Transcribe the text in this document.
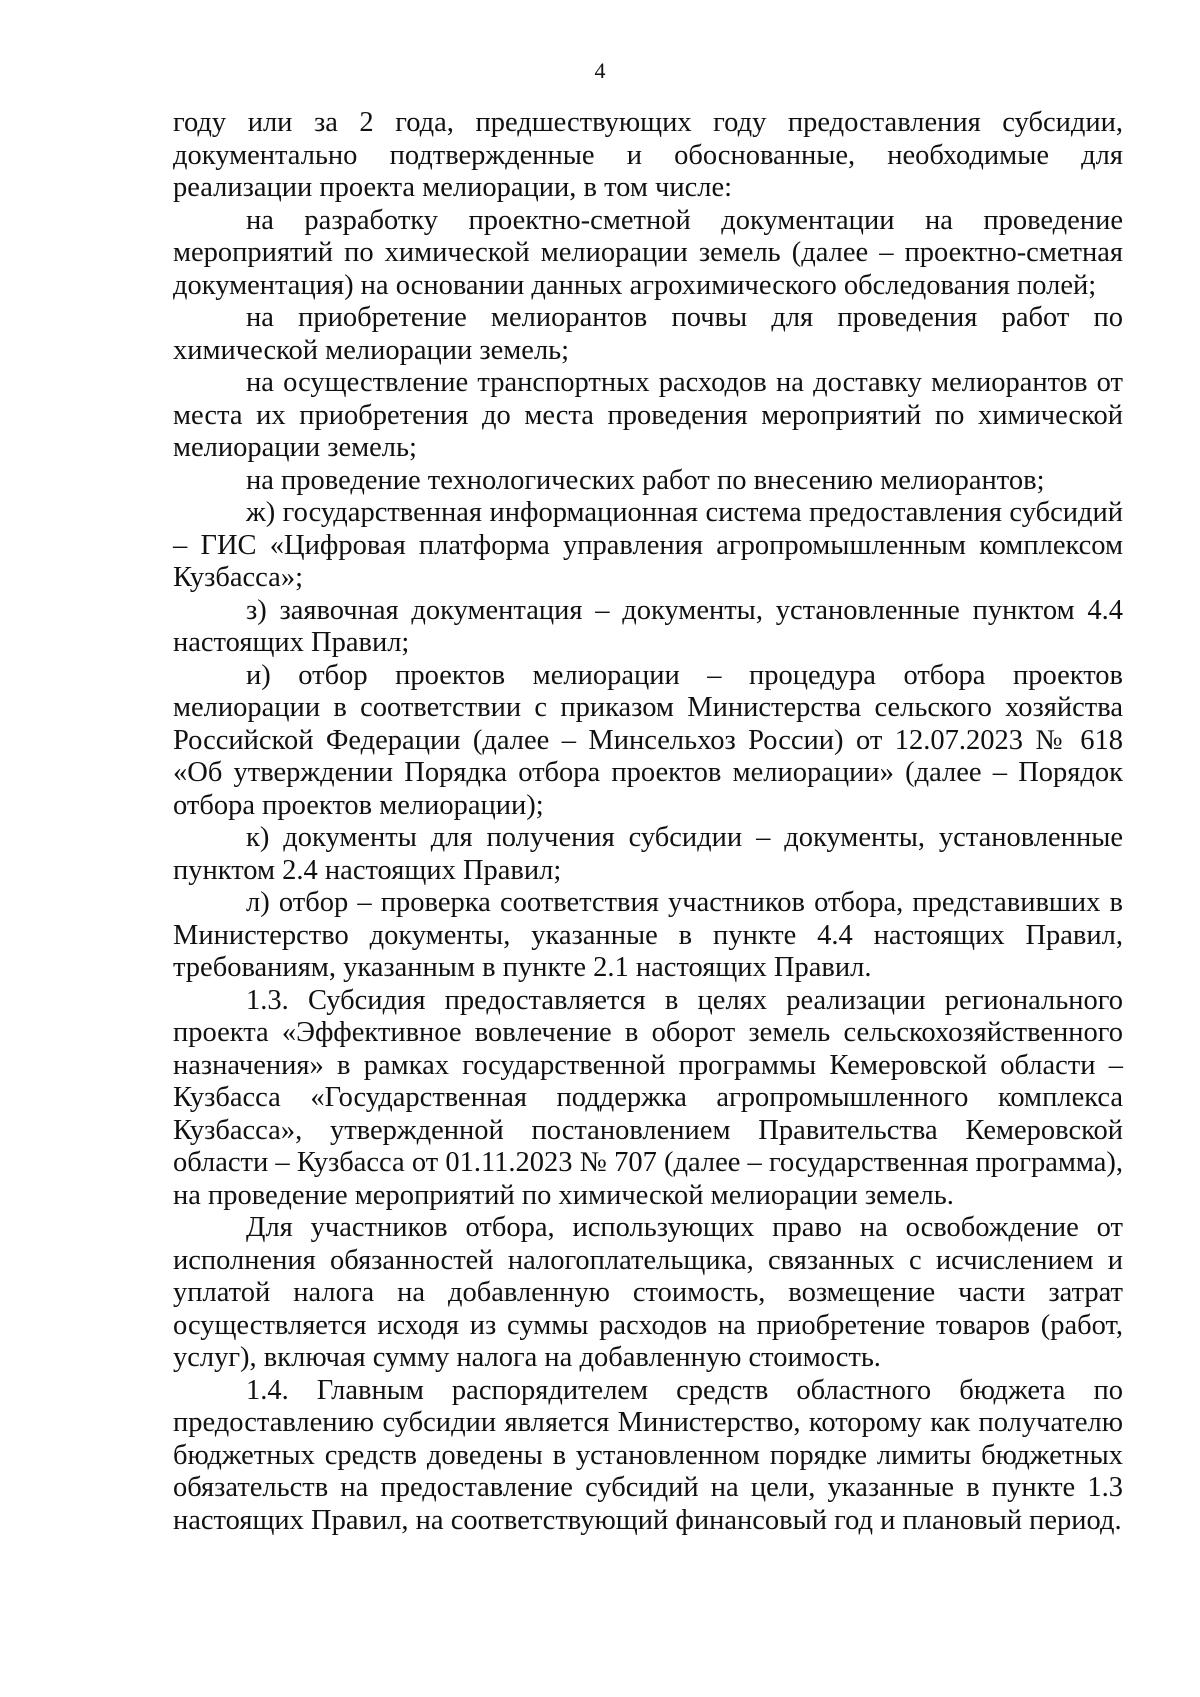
4

году или за 2 года, предшествующих году предоставления субсидии, документально подтвержденные и обоснованные, необходимые для реализации проекта мелиорации, в том числе:

на разработку проектно-сметной документации на проведение мероприятий по химической мелиорации земель (далее – проектно-сметная документация) на основании данных агрохимического обследования полей;

на приобретение мелиорантов почвы для проведения работ по химической мелиорации земель;

на осуществление транспортных расходов на доставку мелиорантов от места их приобретения до места проведения мероприятий по химической мелиорации земель;

на проведение технологических работ по внесению мелиорантов;

ж) государственная информационная система предоставления субсидий – ГИС «Цифровая платформа управления агропромышленным комплексом Кузбасса»;

з) заявочная документация – документы, установленные пунктом 4.4 настоящих Правил;

и) отбор проектов мелиорации – процедура отбора проектов мелиорации в соответствии с приказом Министерства сельского хозяйства Российской Федерации (далее – Минсельхоз России) от 12.07.2023 № 618 «Об утверждении Порядка отбора проектов мелиорации» (далее – Порядок отбора проектов мелиорации);

к) документы для получения субсидии – документы, установленные пунктом 2.4 настоящих Правил;

л) отбор – проверка соответствия участников отбора, представивших в Министерство документы, указанные в пункте 4.4 настоящих Правил, требованиям, указанным в пункте 2.1 настоящих Правил.

1.3. Субсидия предоставляется в целях реализации регионального проекта «Эффективное вовлечение в оборот земель сельскохозяйственного назначения» в рамках государственной программы Кемеровской области – Кузбасса «Государственная поддержка агропромышленного комплекса Кузбасса», утвержденной постановлением Правительства Кемеровской области – Кузбасса от 01.11.2023 № 707 (далее – государственная программа), на проведение мероприятий по химической мелиорации земель.

Для участников отбора, использующих право на освобождение от исполнения обязанностей налогоплательщика, связанных с исчислением и уплатой налога на добавленную стоимость, возмещение части затрат осуществляется исходя из суммы расходов на приобретение товаров (работ, услуг), включая сумму налога на добавленную стоимость.

1.4. Главным распорядителем средств областного бюджета по предоставлению субсидии является Министерство, которому как получателю бюджетных средств доведены в установленном порядке лимиты бюджетных обязательств на предоставление субсидий на цели, указанные в пункте 1.3 настоящих Правил, на соответствующий финансовый год и плановый период.
